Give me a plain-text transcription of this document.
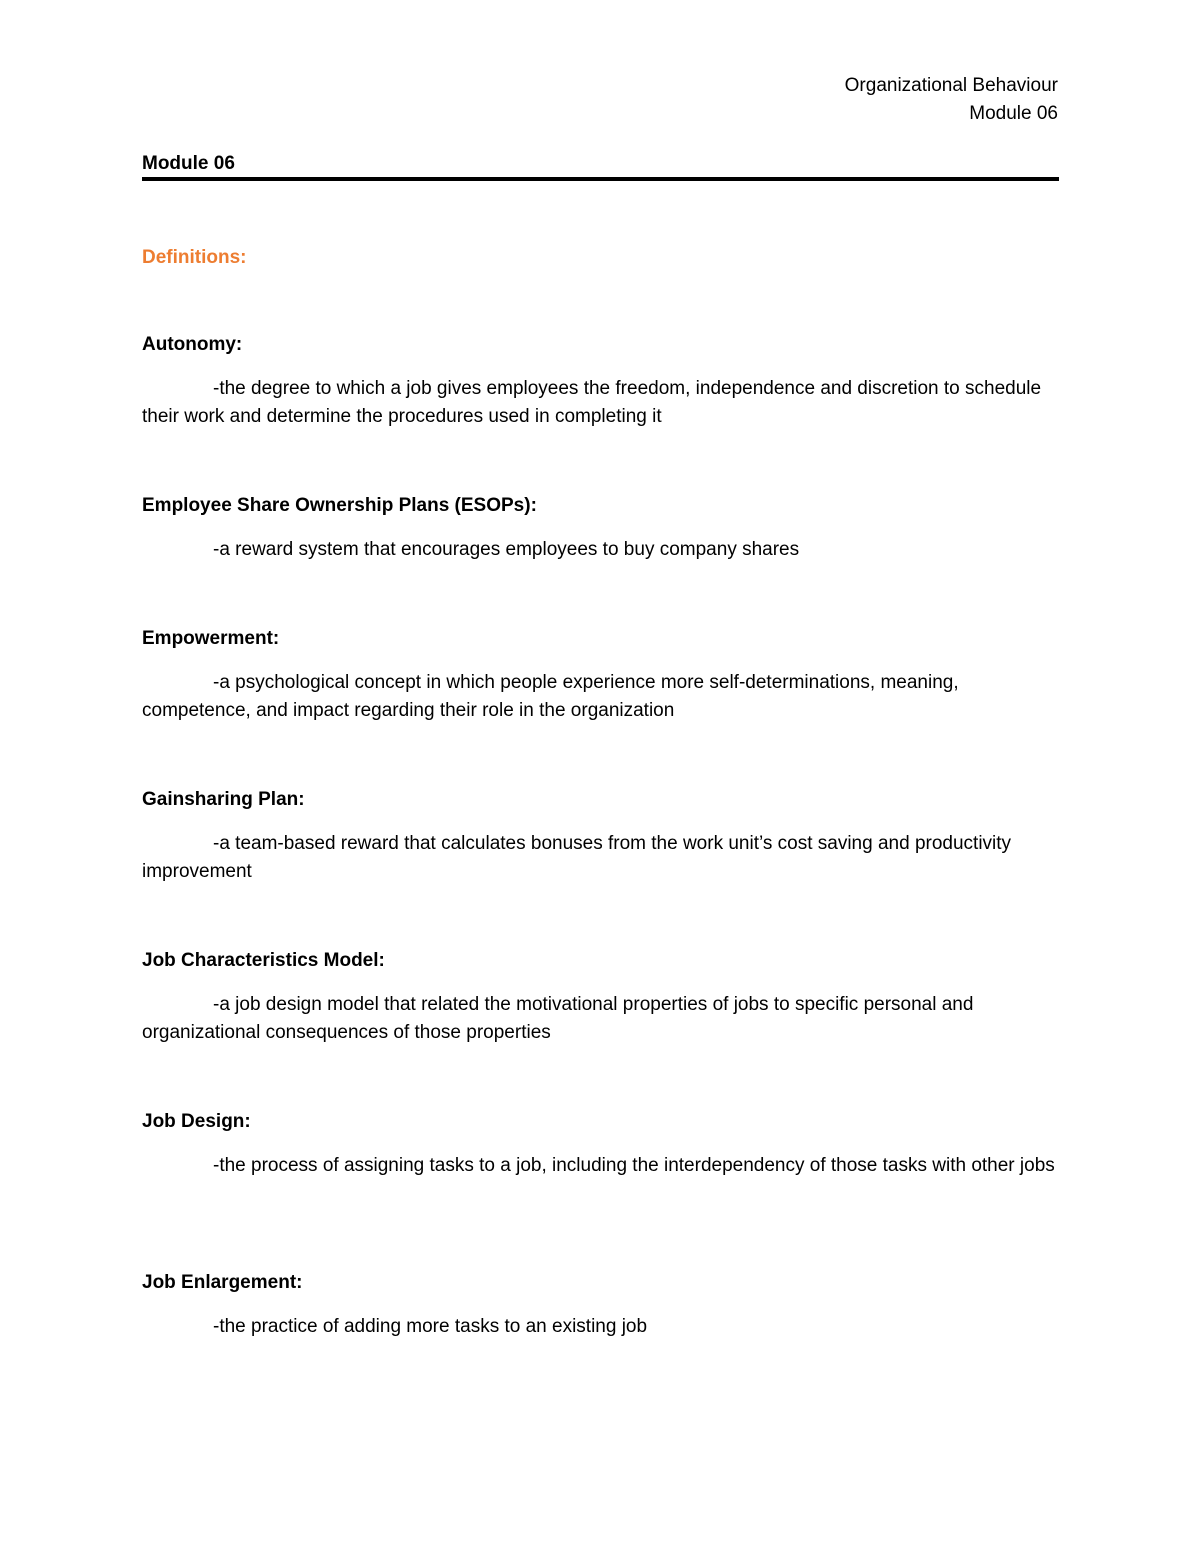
Organizational Behaviour
Module 06
Module 06
Definitions:
Autonomy:
-the degree to which a job gives employees the freedom, independence and discretion to schedule their work and determine the procedures used in completing it
Employee Share Ownership Plans (ESOPs):
-a reward system that encourages employees to buy company shares
Empowerment:
-a psychological concept in which people experience more self-determinations, meaning, competence, and impact regarding their role in the organization
Gainsharing Plan:
-a team-based reward that calculates bonuses from the work unit’s cost saving and productivity improvement
Job Characteristics Model:
-a job design model that related the motivational properties of jobs to specific personal and organizational consequences of those properties
Job Design:
-the process of assigning tasks to a job, including the interdependency of those tasks with other jobs
Job Enlargement:
-the practice of adding more tasks to an existing job
